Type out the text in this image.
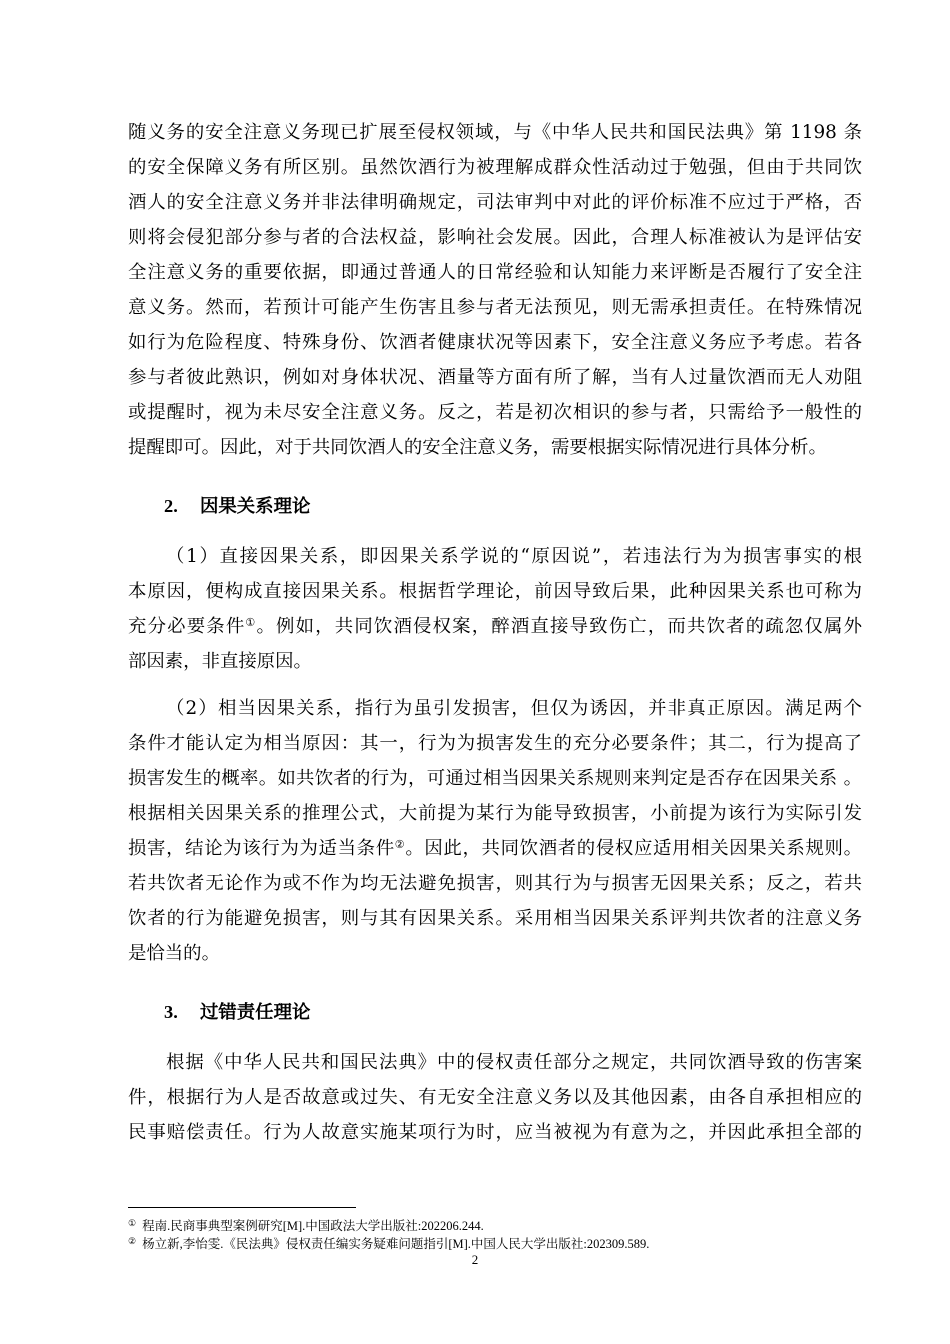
随义务的安全注意义务现已扩展至侵权领域，与《中华人民共和国民法典》第 1198 条
的安全保障义务有所区别。虽然饮酒行为被理解成群众性活动过于勉强，但由于共同饮
酒人的安全注意义务并非法律明确规定，司法审判中对此的评价标准不应过于严格，否
则将会侵犯部分参与者的合法权益，影响社会发展。因此，合理人标准被认为是评估安
全注意义务的重要依据，即通过普通人的日常经验和认知能力来评断是否履行了安全注
意义务。然而，若预计可能产生伤害且参与者无法预见，则无需承担责任。在特殊情况
如行为危险程度、特殊身份、饮酒者健康状况等因素下，安全注意义务应予考虑。若各
参与者彼此熟识，例如对身体状况、酒量等方面有所了解，当有人过量饮酒而无人劝阻
或提醒时，视为未尽安全注意义务。反之，若是初次相识的参与者，只需给予一般性的
提醒即可。因此，对于共同饮酒人的安全注意义务，需要根据实际情况进行具体分析。
2. 因果关系理论
（1）直接因果关系，即因果关系学说的“原因说”，若违法行为为损害事实的根
本原因，便构成直接因果关系。根据哲学理论，前因导致后果，此种因果关系也可称为
充分必要条件①。例如，共同饮酒侵权案，醉酒直接导致伤亡，而共饮者的疏忽仅属外
部因素，非直接原因。
（2）相当因果关系，指行为虽引发损害，但仅为诱因，并非真正原因。满足两个
条件才能认定为相当原因：其一，行为为损害发生的充分必要条件；其二，行为提高了
损害发生的概率。如共饮者的行为，可通过相当因果关系规则来判定是否存在因果关系 。
根据相关因果关系的推理公式，大前提为某行为能导致损害，小前提为该行为实际引发
损害，结论为该行为为适当条件②。因此，共同饮酒者的侵权应适用相关因果关系规则。
若共饮者无论作为或不作为均无法避免损害，则其行为与损害无因果关系；反之，若共
饮者的行为能避免损害，则与其有因果关系。采用相当因果关系评判共饮者的注意义务
是恰当的。
3. 过错责任理论
根据《中华人民共和国民法典》中的侵权责任部分之规定，共同饮酒导致的伤害案
件，根据行为人是否故意或过失、有无安全注意义务以及其他因素，由各自承担相应的
民事赔偿责任。行为人故意实施某项行为时，应当被视为有意为之，并因此承担全部的
① 程南.民商事典型案例研究[M].中国政法大学出版社:202206.244.
② 杨立新,李怡雯.《民法典》侵权责任编实务疑难问题指引[M].中国人民大学出版社:202309.589.
2
